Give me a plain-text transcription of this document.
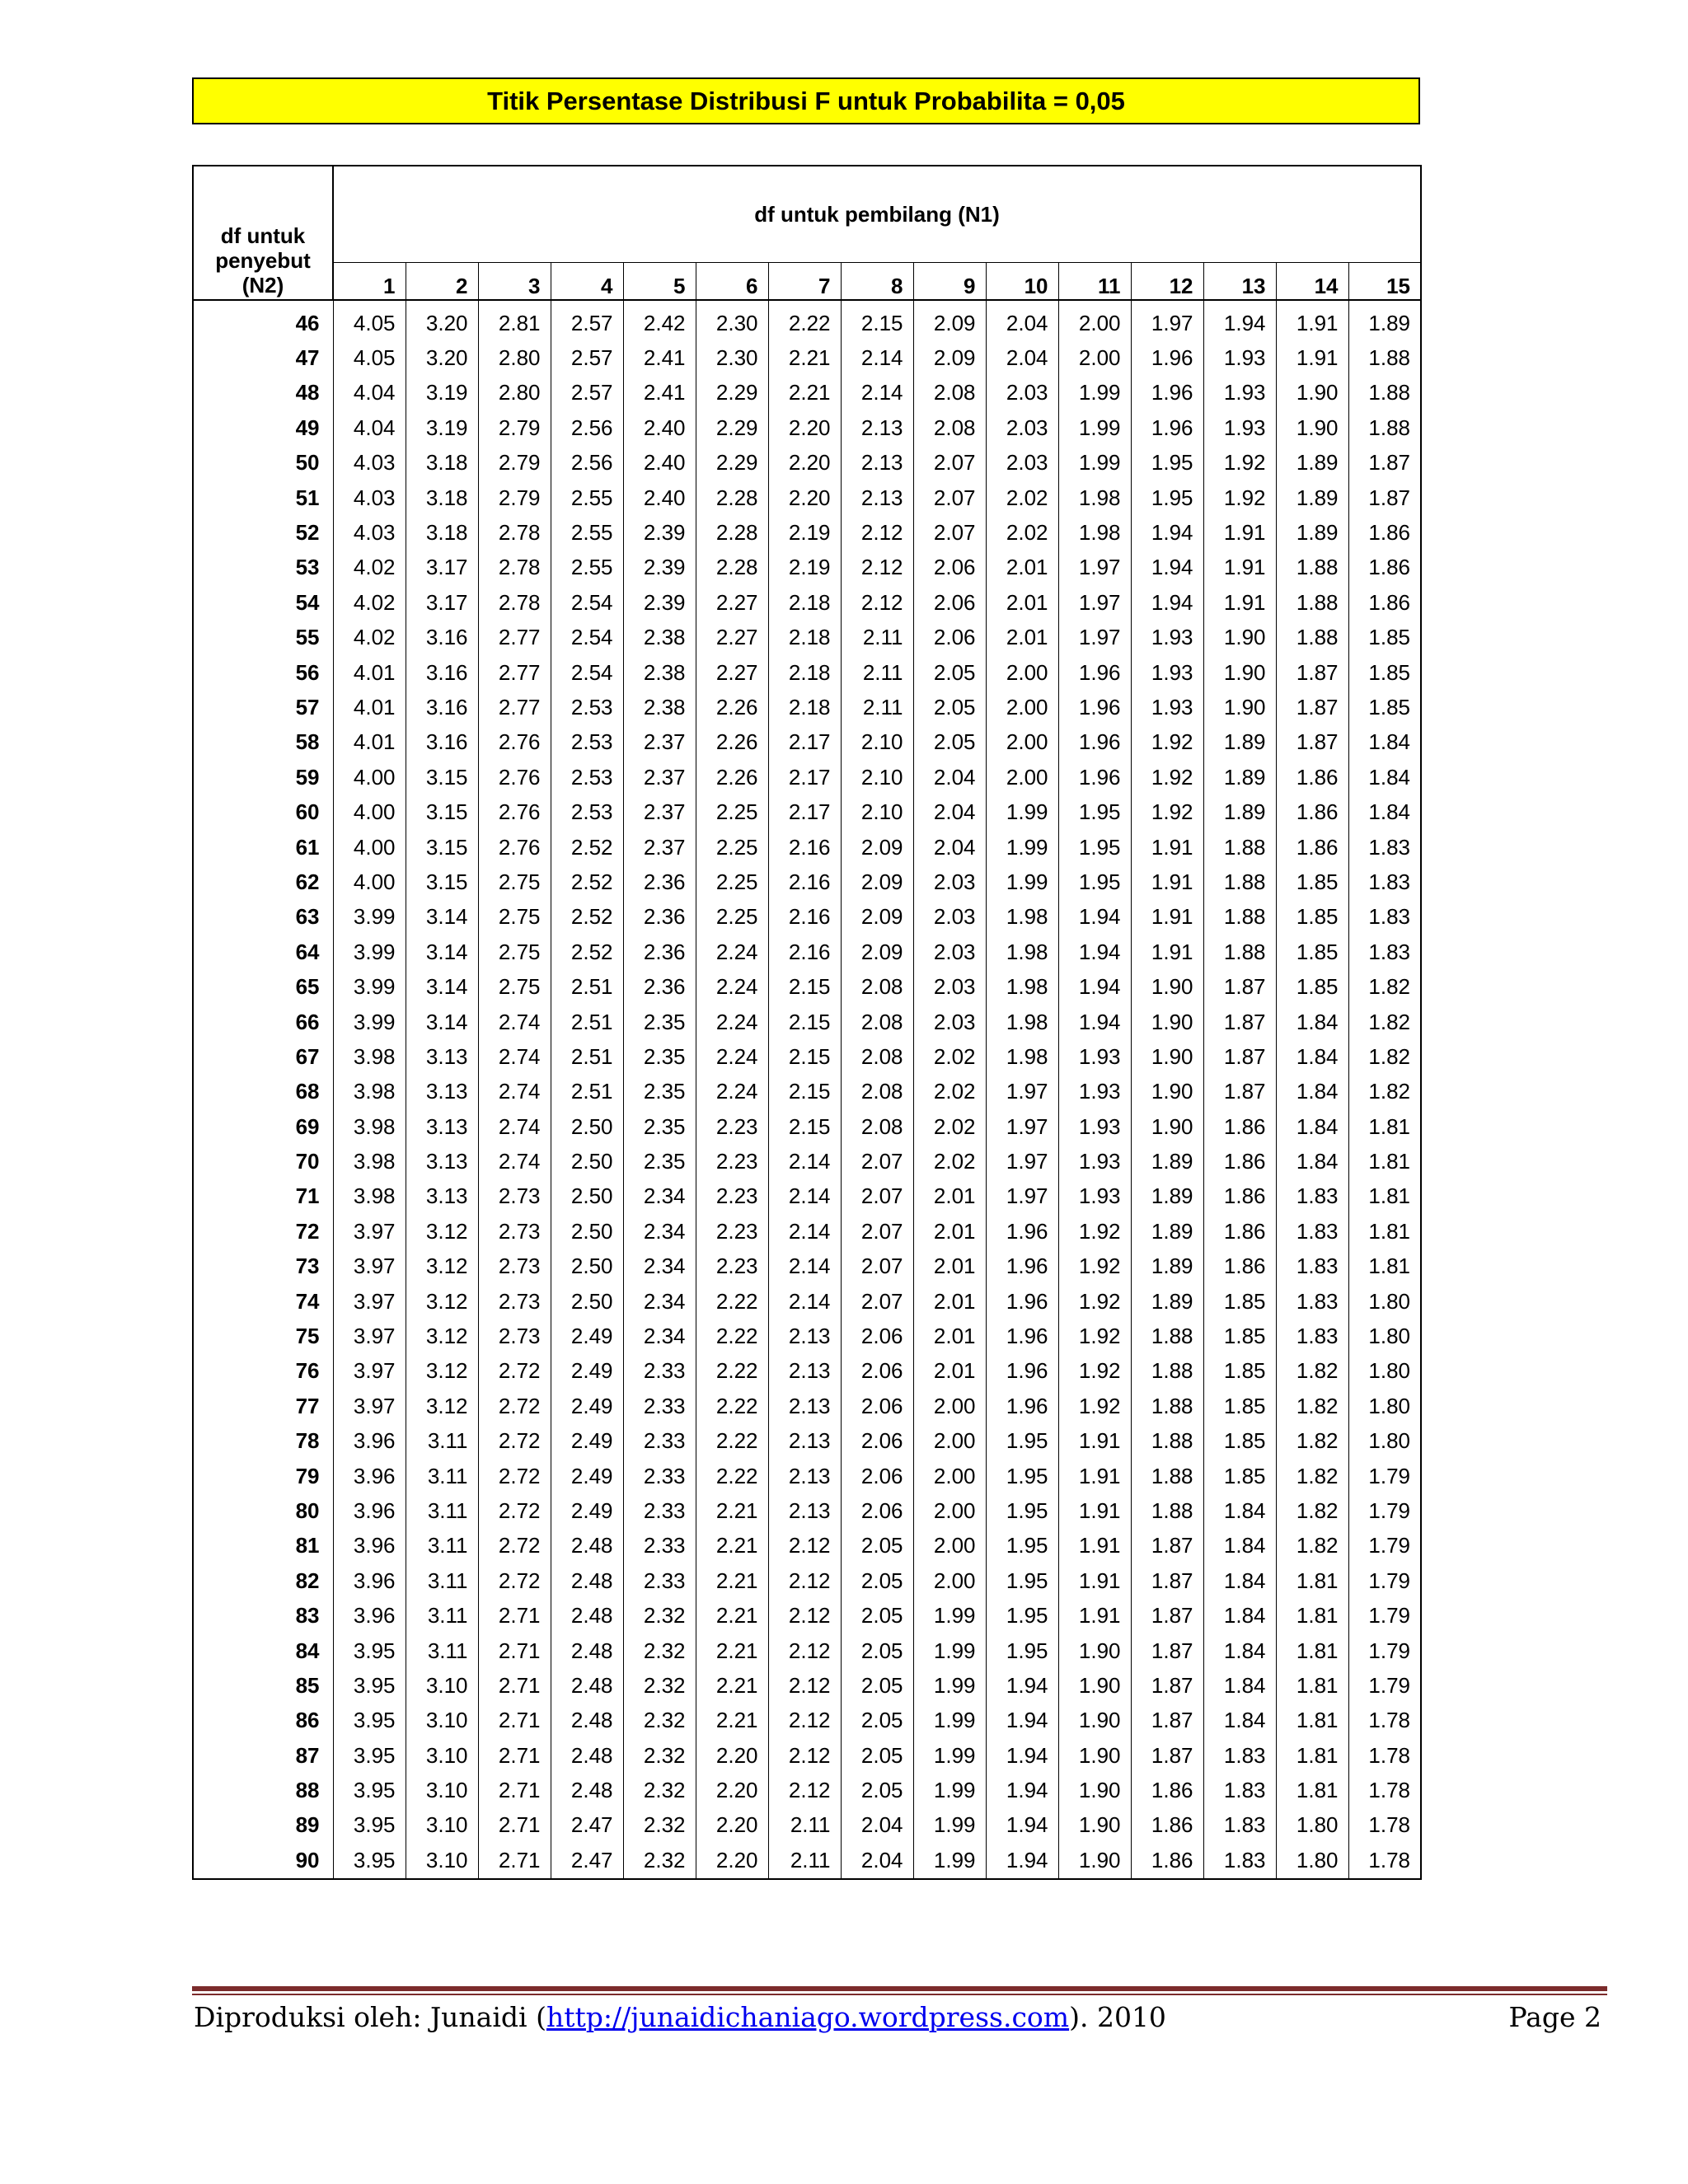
Titik Persentase Distribusi F untuk Probabilita = 0,05
df untuk
penyebut
(N2)	df untuk pembilang (N1)														
	1	2	3	4	5	6	7	8	9	10	11	12	13	14	15
46	4.05	3.20	2.81	2.57	2.42	2.30	2.22	2.15	2.09	2.04	2.00	1.97	1.94	1.91	1.89
47	4.05	3.20	2.80	2.57	2.41	2.30	2.21	2.14	2.09	2.04	2.00	1.96	1.93	1.91	1.88
48	4.04	3.19	2.80	2.57	2.41	2.29	2.21	2.14	2.08	2.03	1.99	1.96	1.93	1.90	1.88
49	4.04	3.19	2.79	2.56	2.40	2.29	2.20	2.13	2.08	2.03	1.99	1.96	1.93	1.90	1.88
50	4.03	3.18	2.79	2.56	2.40	2.29	2.20	2.13	2.07	2.03	1.99	1.95	1.92	1.89	1.87
51	4.03	3.18	2.79	2.55	2.40	2.28	2.20	2.13	2.07	2.02	1.98	1.95	1.92	1.89	1.87
52	4.03	3.18	2.78	2.55	2.39	2.28	2.19	2.12	2.07	2.02	1.98	1.94	1.91	1.89	1.86
53	4.02	3.17	2.78	2.55	2.39	2.28	2.19	2.12	2.06	2.01	1.97	1.94	1.91	1.88	1.86
54	4.02	3.17	2.78	2.54	2.39	2.27	2.18	2.12	2.06	2.01	1.97	1.94	1.91	1.88	1.86
55	4.02	3.16	2.77	2.54	2.38	2.27	2.18	2.11	2.06	2.01	1.97	1.93	1.90	1.88	1.85
56	4.01	3.16	2.77	2.54	2.38	2.27	2.18	2.11	2.05	2.00	1.96	1.93	1.90	1.87	1.85
57	4.01	3.16	2.77	2.53	2.38	2.26	2.18	2.11	2.05	2.00	1.96	1.93	1.90	1.87	1.85
58	4.01	3.16	2.76	2.53	2.37	2.26	2.17	2.10	2.05	2.00	1.96	1.92	1.89	1.87	1.84
59	4.00	3.15	2.76	2.53	2.37	2.26	2.17	2.10	2.04	2.00	1.96	1.92	1.89	1.86	1.84
60	4.00	3.15	2.76	2.53	2.37	2.25	2.17	2.10	2.04	1.99	1.95	1.92	1.89	1.86	1.84
61	4.00	3.15	2.76	2.52	2.37	2.25	2.16	2.09	2.04	1.99	1.95	1.91	1.88	1.86	1.83
62	4.00	3.15	2.75	2.52	2.36	2.25	2.16	2.09	2.03	1.99	1.95	1.91	1.88	1.85	1.83
63	3.99	3.14	2.75	2.52	2.36	2.25	2.16	2.09	2.03	1.98	1.94	1.91	1.88	1.85	1.83
64	3.99	3.14	2.75	2.52	2.36	2.24	2.16	2.09	2.03	1.98	1.94	1.91	1.88	1.85	1.83
65	3.99	3.14	2.75	2.51	2.36	2.24	2.15	2.08	2.03	1.98	1.94	1.90	1.87	1.85	1.82
66	3.99	3.14	2.74	2.51	2.35	2.24	2.15	2.08	2.03	1.98	1.94	1.90	1.87	1.84	1.82
67	3.98	3.13	2.74	2.51	2.35	2.24	2.15	2.08	2.02	1.98	1.93	1.90	1.87	1.84	1.82
68	3.98	3.13	2.74	2.51	2.35	2.24	2.15	2.08	2.02	1.97	1.93	1.90	1.87	1.84	1.82
69	3.98	3.13	2.74	2.50	2.35	2.23	2.15	2.08	2.02	1.97	1.93	1.90	1.86	1.84	1.81
70	3.98	3.13	2.74	2.50	2.35	2.23	2.14	2.07	2.02	1.97	1.93	1.89	1.86	1.84	1.81
71	3.98	3.13	2.73	2.50	2.34	2.23	2.14	2.07	2.01	1.97	1.93	1.89	1.86	1.83	1.81
72	3.97	3.12	2.73	2.50	2.34	2.23	2.14	2.07	2.01	1.96	1.92	1.89	1.86	1.83	1.81
73	3.97	3.12	2.73	2.50	2.34	2.23	2.14	2.07	2.01	1.96	1.92	1.89	1.86	1.83	1.81
74	3.97	3.12	2.73	2.50	2.34	2.22	2.14	2.07	2.01	1.96	1.92	1.89	1.85	1.83	1.80
75	3.97	3.12	2.73	2.49	2.34	2.22	2.13	2.06	2.01	1.96	1.92	1.88	1.85	1.83	1.80
76	3.97	3.12	2.72	2.49	2.33	2.22	2.13	2.06	2.01	1.96	1.92	1.88	1.85	1.82	1.80
77	3.97	3.12	2.72	2.49	2.33	2.22	2.13	2.06	2.00	1.96	1.92	1.88	1.85	1.82	1.80
78	3.96	3.11	2.72	2.49	2.33	2.22	2.13	2.06	2.00	1.95	1.91	1.88	1.85	1.82	1.80
79	3.96	3.11	2.72	2.49	2.33	2.22	2.13	2.06	2.00	1.95	1.91	1.88	1.85	1.82	1.79
80	3.96	3.11	2.72	2.49	2.33	2.21	2.13	2.06	2.00	1.95	1.91	1.88	1.84	1.82	1.79
81	3.96	3.11	2.72	2.48	2.33	2.21	2.12	2.05	2.00	1.95	1.91	1.87	1.84	1.82	1.79
82	3.96	3.11	2.72	2.48	2.33	2.21	2.12	2.05	2.00	1.95	1.91	1.87	1.84	1.81	1.79
83	3.96	3.11	2.71	2.48	2.32	2.21	2.12	2.05	1.99	1.95	1.91	1.87	1.84	1.81	1.79
84	3.95	3.11	2.71	2.48	2.32	2.21	2.12	2.05	1.99	1.95	1.90	1.87	1.84	1.81	1.79
85	3.95	3.10	2.71	2.48	2.32	2.21	2.12	2.05	1.99	1.94	1.90	1.87	1.84	1.81	1.79
86	3.95	3.10	2.71	2.48	2.32	2.21	2.12	2.05	1.99	1.94	1.90	1.87	1.84	1.81	1.78
87	3.95	3.10	2.71	2.48	2.32	2.20	2.12	2.05	1.99	1.94	1.90	1.87	1.83	1.81	1.78
88	3.95	3.10	2.71	2.48	2.32	2.20	2.12	2.05	1.99	1.94	1.90	1.86	1.83	1.81	1.78
89	3.95	3.10	2.71	2.47	2.32	2.20	2.11	2.04	1.99	1.94	1.90	1.86	1.83	1.80	1.78
90	3.95	3.10	2.71	2.47	2.32	2.20	2.11	2.04	1.99	1.94	1.90	1.86	1.83	1.80	1.78
Diproduksi oleh: Junaidi (http://junaidichaniago.wordpress.com). 2010	Page 2
